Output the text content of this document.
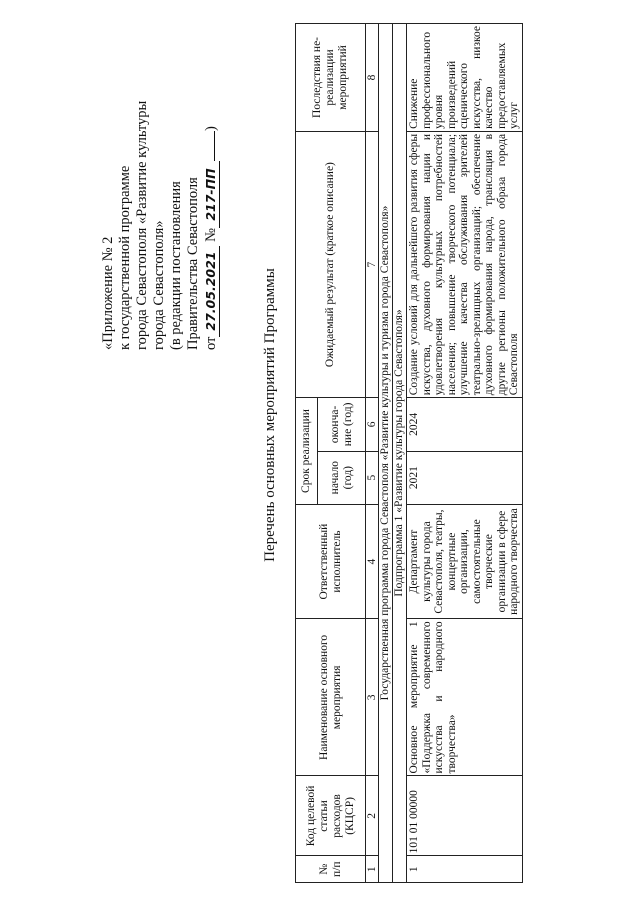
«Приложение № 2 к государственной программе города Севастополя «Развитие культуры города Севастополя» (в редакции постановления Правительства Севастополя от27.05.2021 №217-ПП)
Перечень основных мероприятий Программы
№ п/п	Код целевой статьи расходов (КЦСР)	Наименование основного мероприятия	Ответственный исполнитель	Срок реализации		Ожидаемый результат (краткое описание)	Последствия не-реализации мероприятий
				начало (год)	оконча-ние (год)		
1	2	3	4	5	6	7	8
Государственная программа города Севастополя «Развитие культуры и туризма города Севастополя»							
Подпрограмма 1 «Развитие культуры города Севастополя»							
1	101 01 00000	Основное мероприятие 1 «Поддержка современного искусства и народного творчества»	Департамент культуры города Севастополя, театры, концертные организации, самостоятельные творческие организации в сфере народного творчества	2021	2024	Создание условий для дальнейшего развития сферы искусства, духовного формирования нации и удовлетворения культурных потребностей населения; повышение творческого потенциала; улучшение качества обслуживания зрителей театрально-зрелищных организаций; обеспечение духовного формирования народа, трансляция в другие регионы положительного образа города Севастополя	Снижение профессионального уровня произведений сценического искусства, низкое качество предоставляемых услуг
